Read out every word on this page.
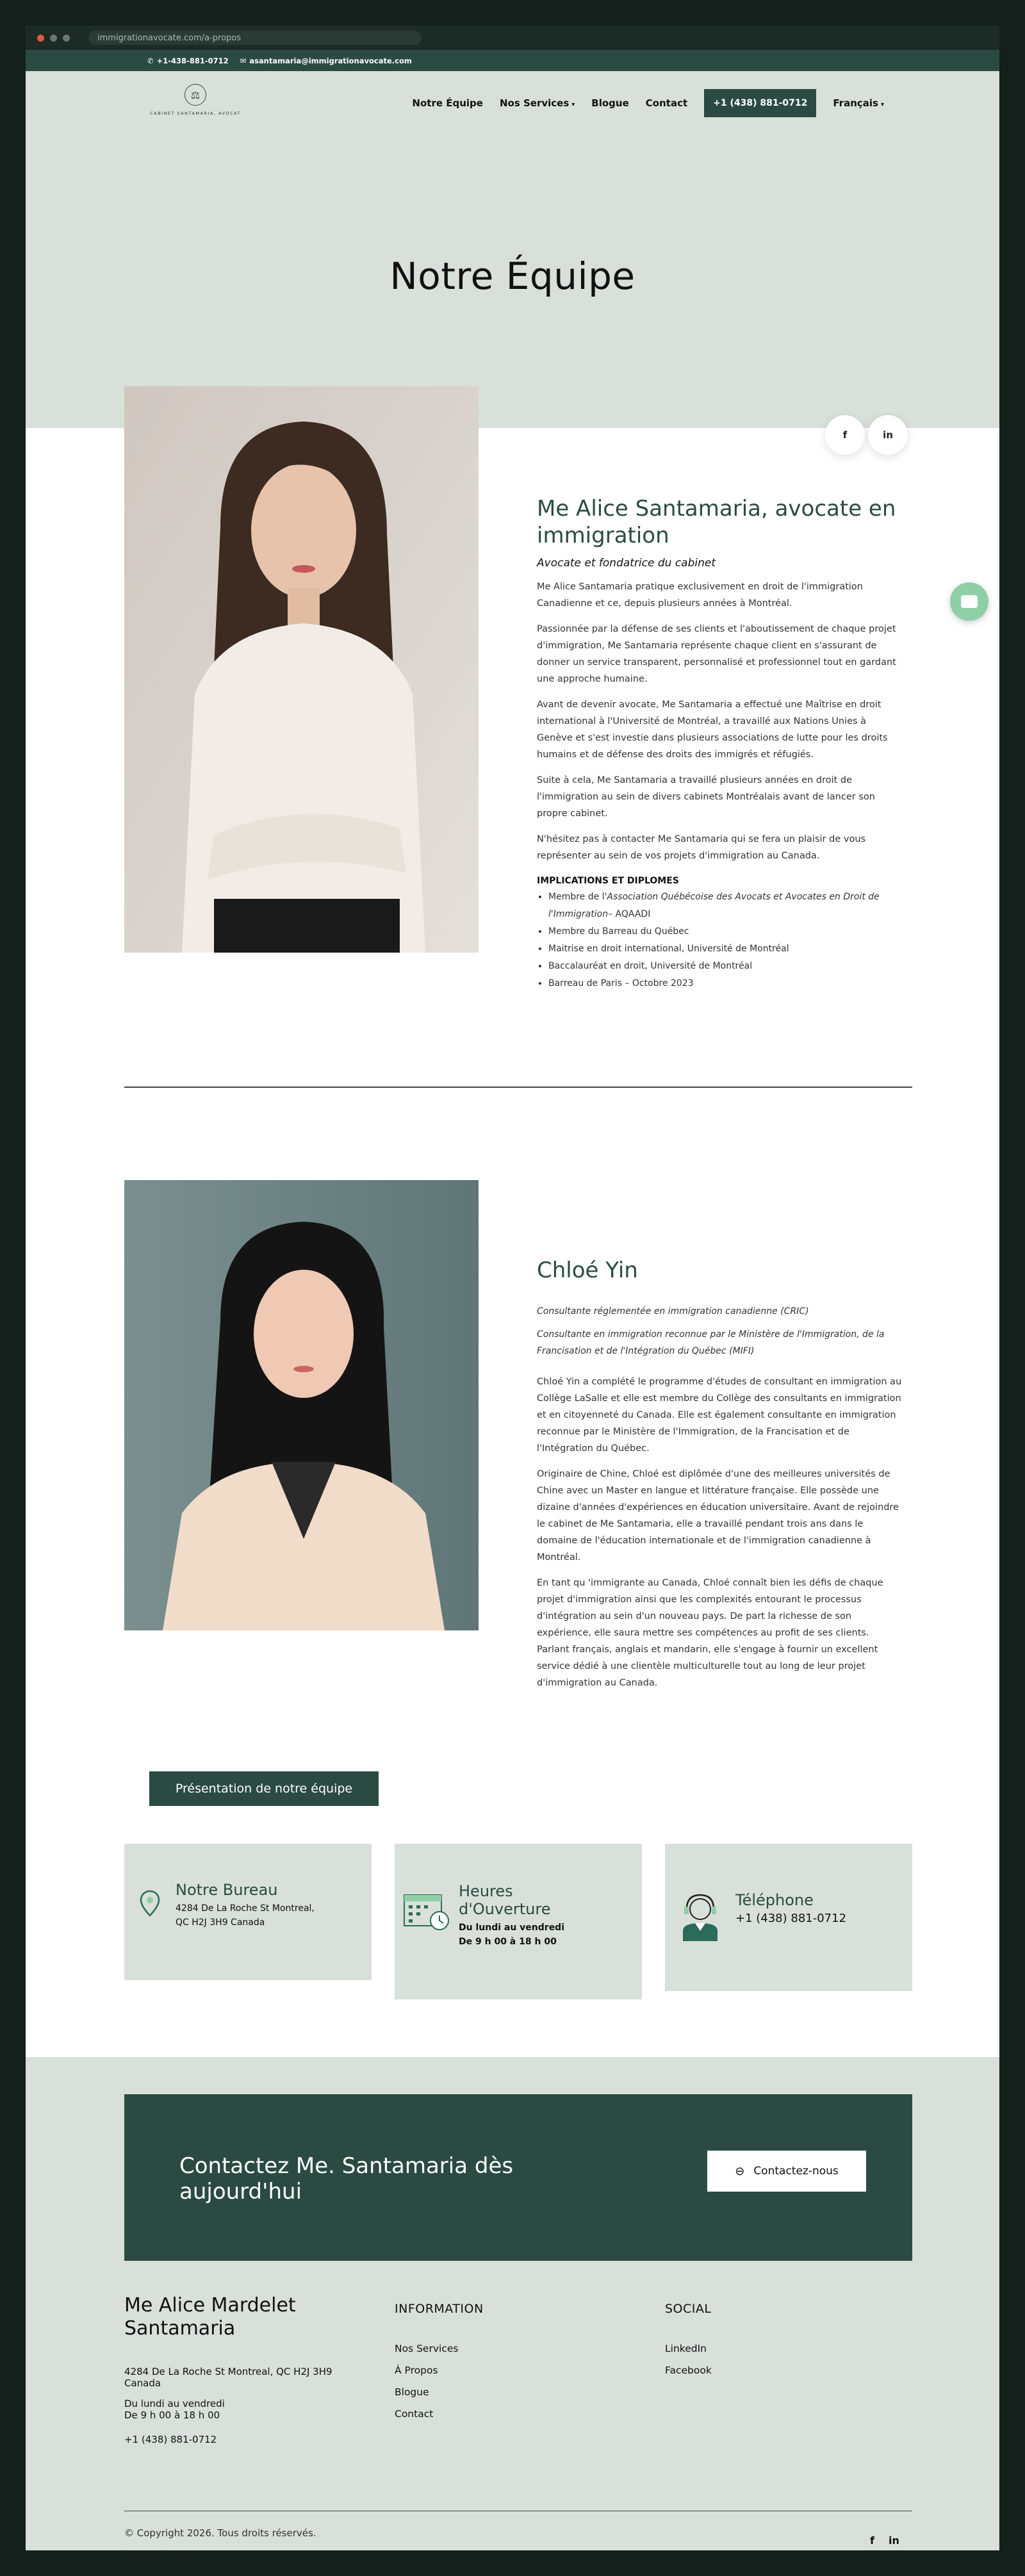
immigrationavocate.com/a-propos
✆ +1-438-881-0712 ✉ asantamaria@immigrationavocate.com
⚖
CABINET SANTAMARIA, AVOCAT
Notre Équipe Nos Services ▾ Blogue Contact	+1 (438) 881-0712	Français ▾
Notre Équipe
f	in
Me Alice Santamaria, avocate en immigration
Avocate et fondatrice du cabinet

Me Alice Santamaria pratique exclusivement en droit de l'immigration Canadienne et ce, depuis plusieurs années à Montréal.

Passionnée par la défense de ses clients et l'aboutissement de chaque projet d'immigration, Me Santamaria représente chaque client en s'assurant de donner un service transparent, personnalisé et professionnel tout en gardant une approche humaine.

Avant de devenir avocate, Me Santamaria a effectué une Maîtrise en droit international à l'Université de Montréal, a travaillé aux Nations Unies à Genève et s'est investie dans plusieurs associations de lutte pour les droits humains et de défense des droits des immigrés et réfugiés.

Suite à cela, Me Santamaria a travaillé plusieurs années en droit de l'immigration au sein de divers cabinets Montréalais avant de lancer son propre cabinet.

N'hésitez pas à contacter Me Santamaria qui se fera un plaisir de vous représenter au sein de vos projets d'immigration au Canada.

IMPLICATIONS ET DIPLOMES
• Membre de l'Association Québécoise des Avocats et Avocates en Droit de l'Immigration– AQAADI
• Membre du Barreau du Québec
• Maitrise en droit international, Université de Montréal
• Baccalauréat en droit, Université de Montréal
• Barreau de Paris – Octobre 2023
Chloé Yin
Consultante réglementée en immigration canadienne (CRIC)
Consultante en immigration reconnue par le Ministère de l'Immigration, de la Francisation et de l'Intégration du Québec (MIFI)

Chloé Yin a complété le programme d'études de consultant en immigration au Collège LaSalle et elle est membre du Collège des consultants en immigration et en citoyenneté du Canada. Elle est également consultante en immigration reconnue par le Ministère de l'Immigration, de la Francisation et de l'Intégration du Québec.

Originaire de Chine, Chloé est diplômée d'une des meilleures universités de Chine avec un Master en langue et littérature française. Elle possède une dizaine d'années d'expériences en éducation universitaire. Avant de rejoindre le cabinet de Me Santamaria, elle a travaillé pendant trois ans dans le domaine de l'éducation internationale et de l'immigration canadienne à Montréal.

En tant qu 'immigrante au Canada, Chloé connaît bien les défis de chaque projet d'immigration ainsi que les complexités entourant le processus d'intégration au sein d'un nouveau pays. De part la richesse de son expérience, elle saura mettre ses compétences au profit de ses clients. Parlant français, anglais et mandarin, elle s'engage à fournir un excellent service dédié à une clientèle multiculturelle tout au long de leur projet d'immigration au Canada.

Présentation de notre équipe
Notre Bureau
4284 De La Roche St Montreal,
QC H2J 3H9 Canada
Heures d'Ouverture
Du lundi au vendredi
De 9 h 00 à 18 h 00
Téléphone
+1 (438) 881-0712
Contactez Me. Santamaria dès aujourd'hui
⊖ Contactez-nous
Me Alice Mardelet Santamaria
4284 De La Roche St Montreal, QC H2J 3H9 Canada
Du lundi au vendredi
De 9 h 00 à 18 h 00
+1 (438) 881-0712
INFORMATION
Nos Services
À Propos
Blogue
Contact
SOCIAL
LinkedIn
Facebook
© Copyright 2026. Tous droits réservés.
Licences for icons
f in
